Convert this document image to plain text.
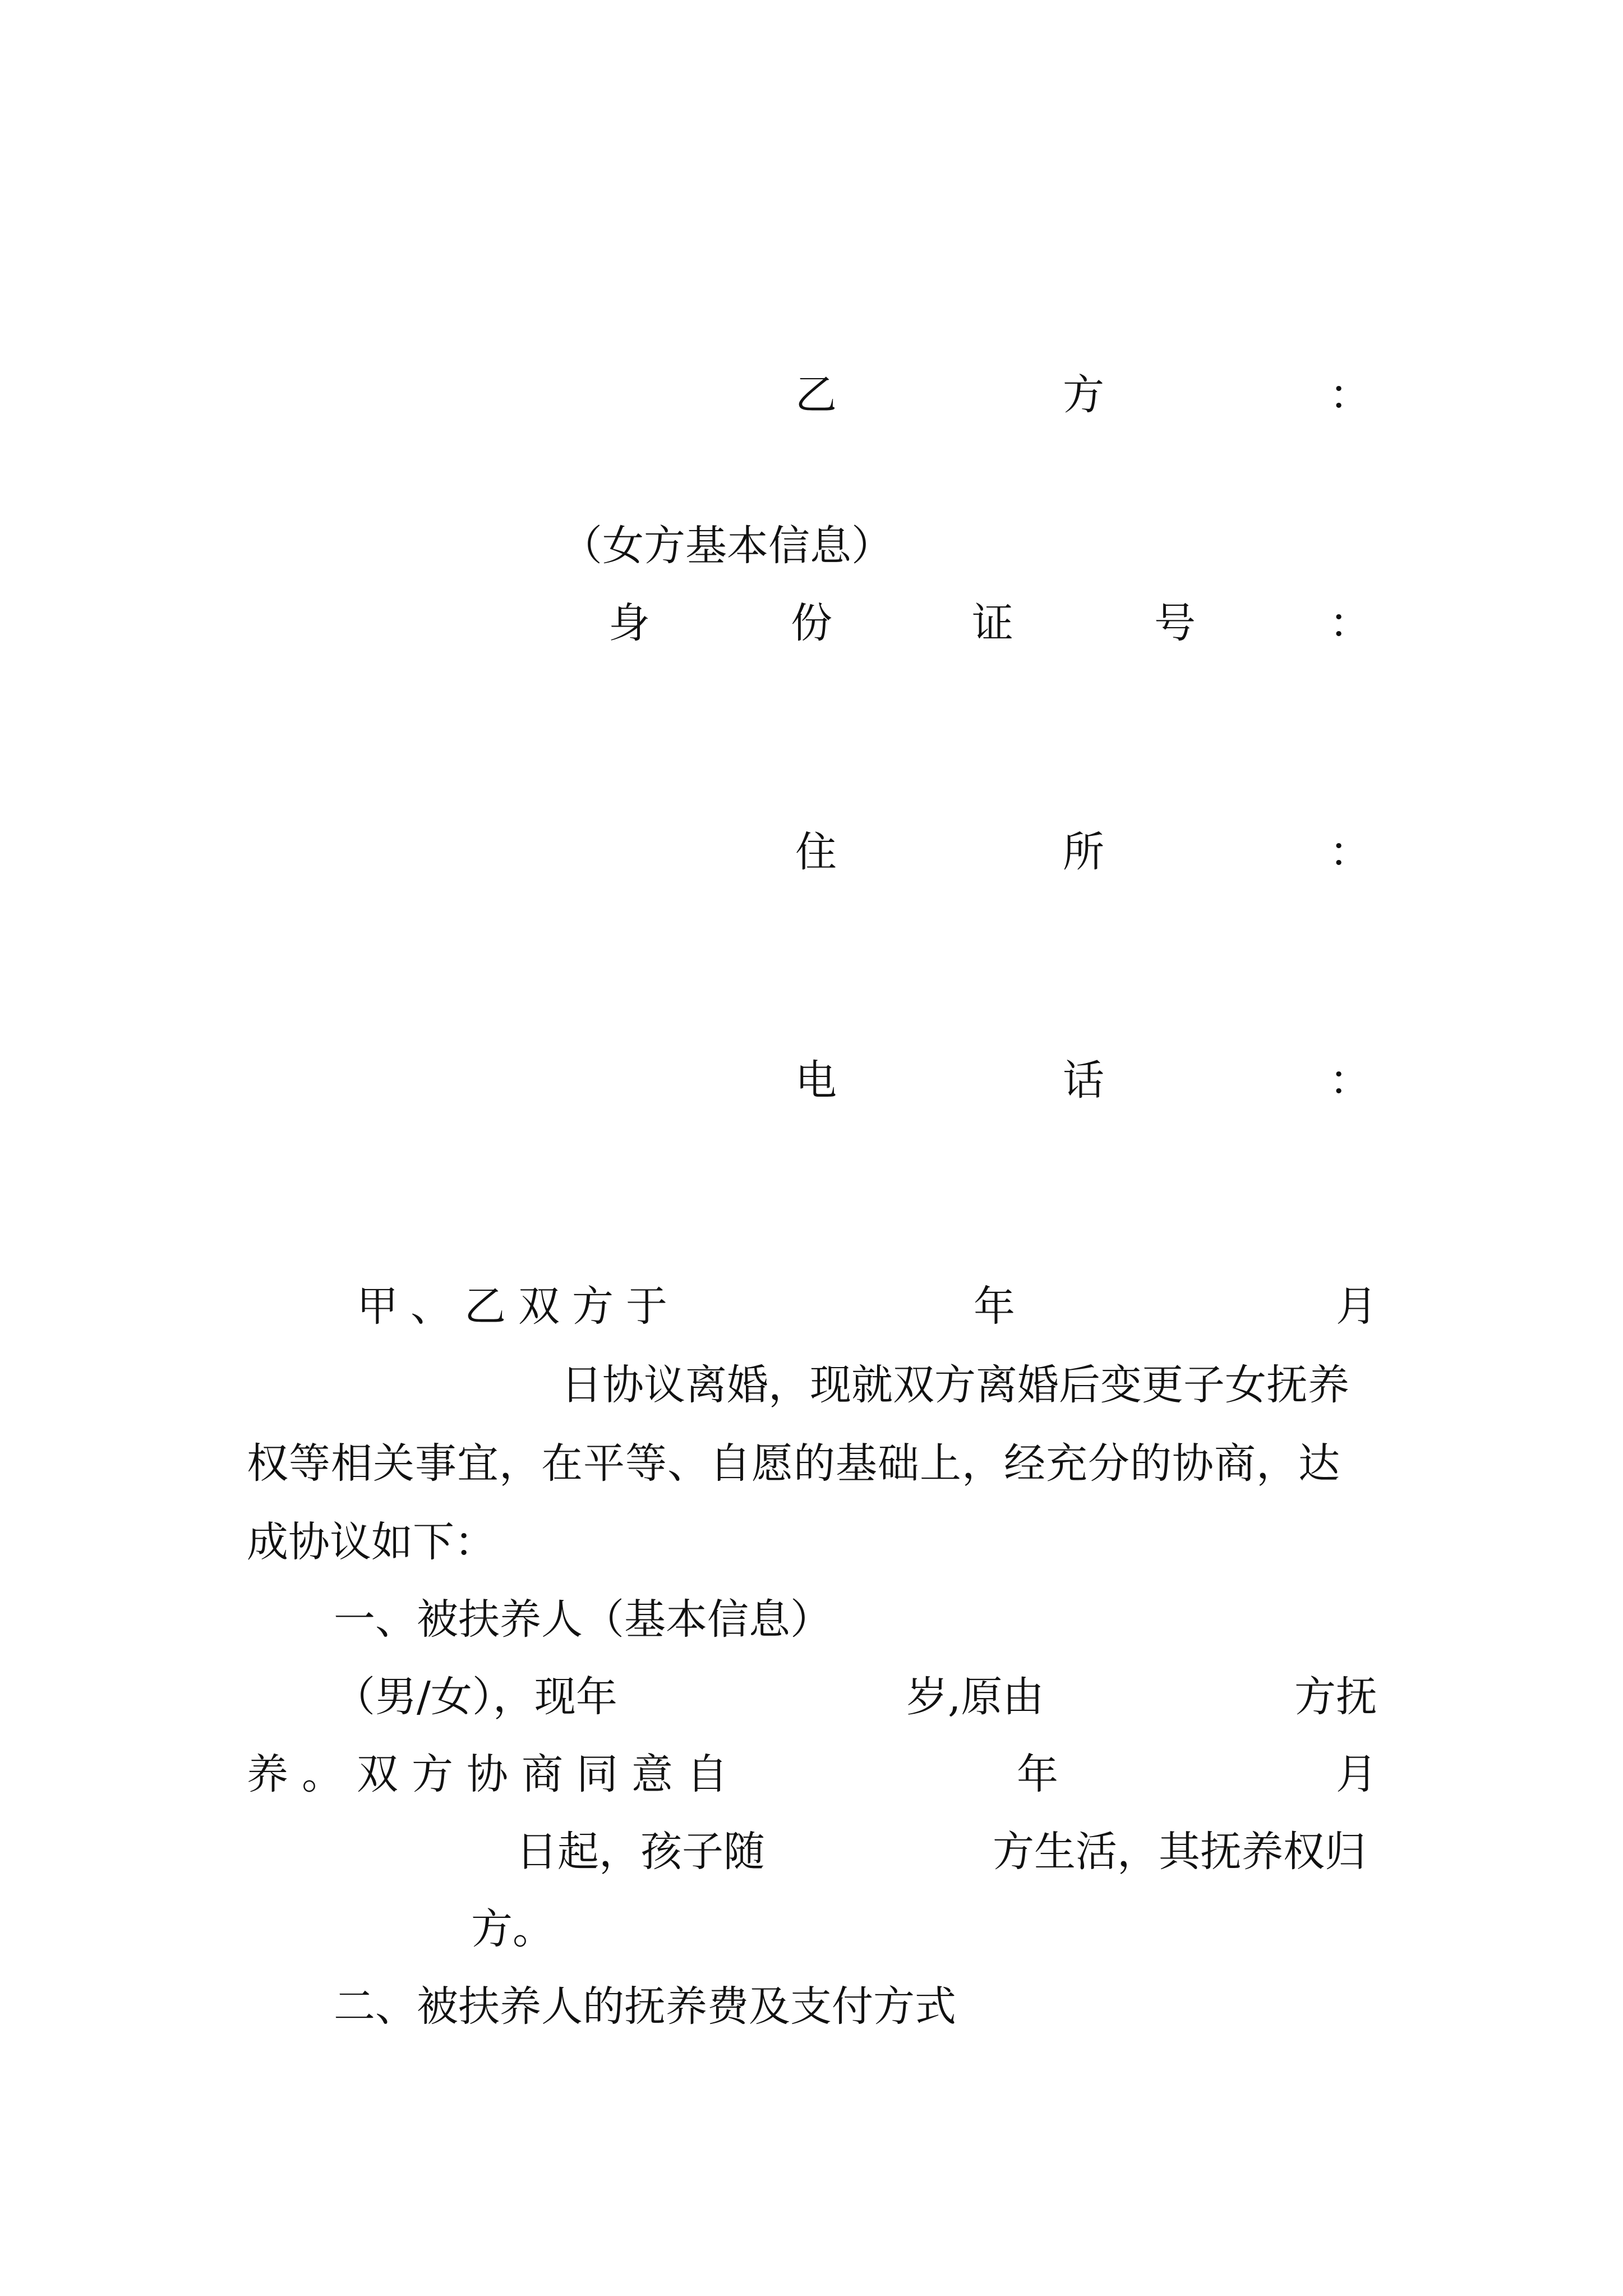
乙	方	：
（女方基本信息）
身	份	证	号	：
住	所	：
电	话	：
甲、乙双方于	年	月
日协议离婚，现就双方离婚后变更子女抚养
权等相关事宜，在平等、自愿的基础上，经充分的协商，达
成协议如下：
一、被扶养人（基本信息）
（男/女），现年	岁,原由	方抚
养。双方协商同意自	年	月
日起，孩子随	方生活，其抚养权归
方。
二、被扶养人的抚养费及支付方式
